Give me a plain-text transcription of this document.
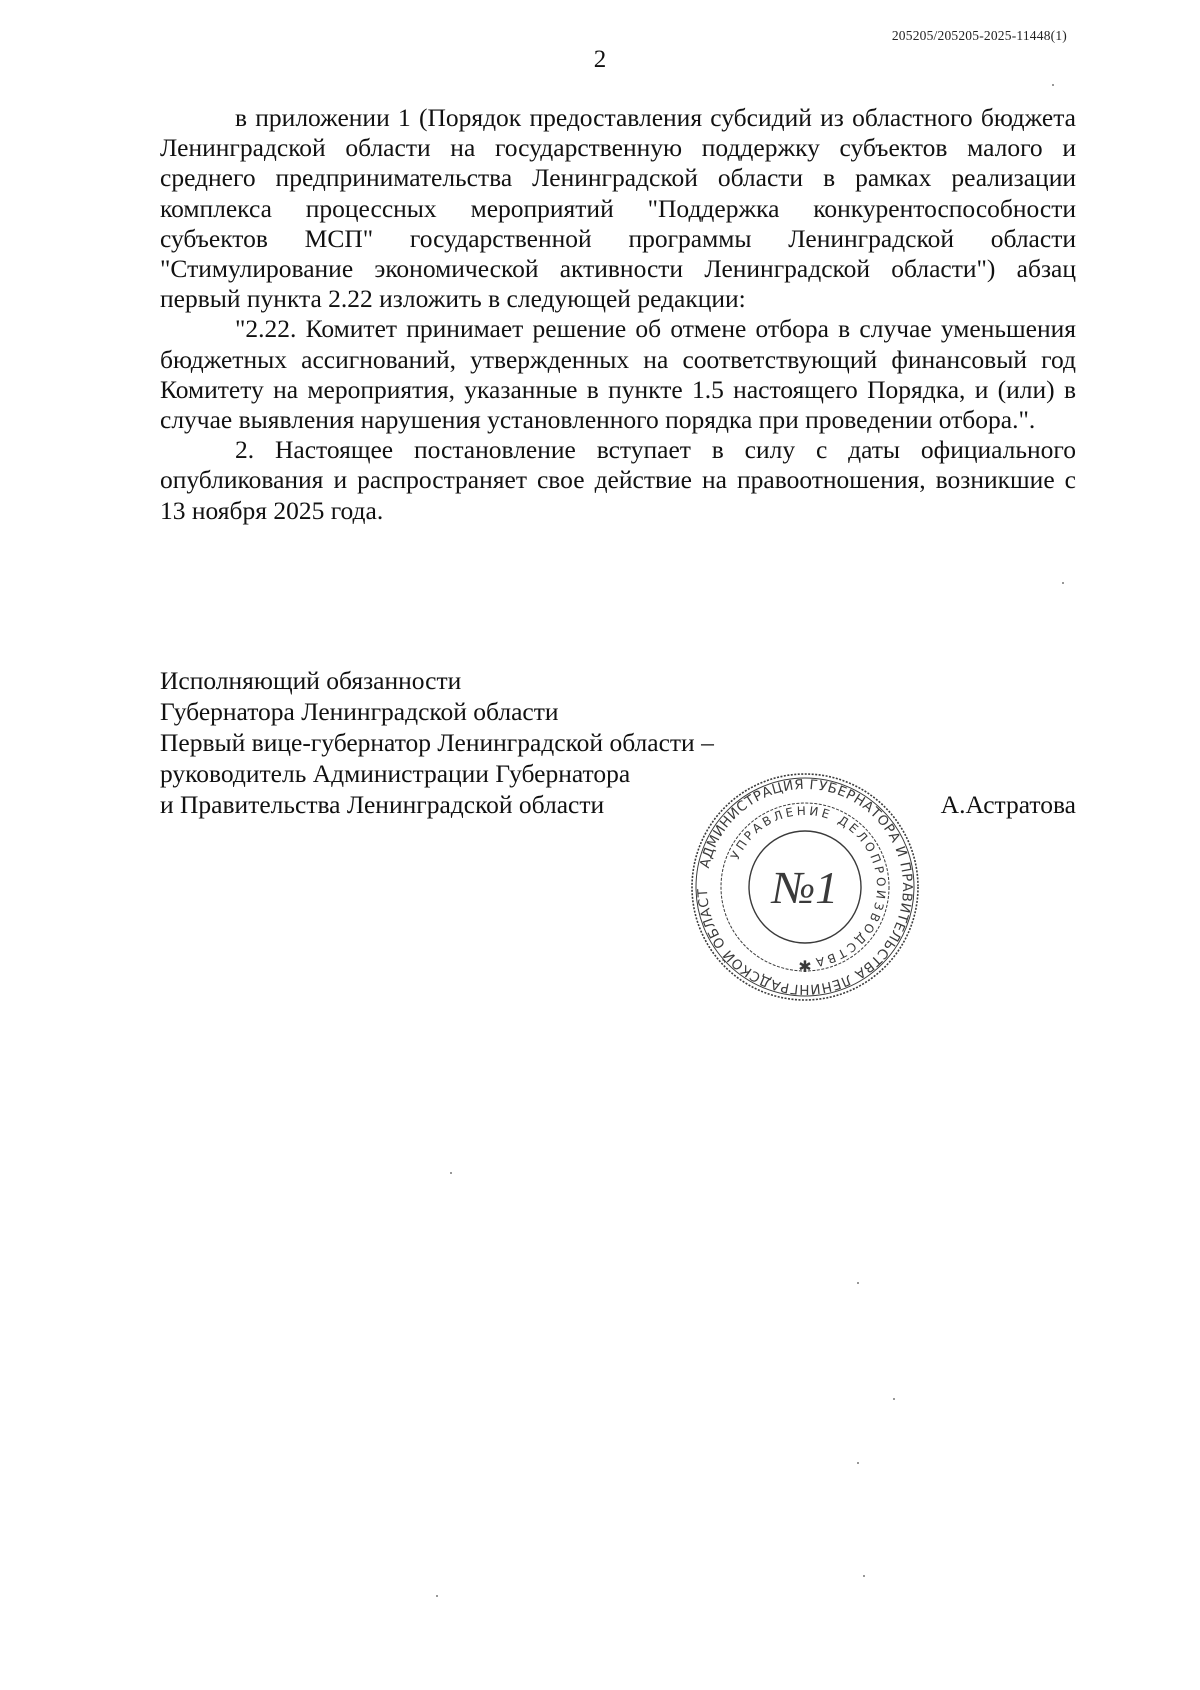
205205/205205-2025-11448(1)
2

в приложении 1 (Порядок предоставления субсидий из областного бюджета Ленинградской области на государственную поддержку субъектов малого и среднего предпринимательства Ленинградской области в рамках реализации комплекса процессных мероприятий "Поддержка конкурентоспособности субъектов МСП" государственной программы Ленинградской области "Стимулирование экономической активности Ленинградской области") абзац первый пункта 2.22 изложить в следующей редакции:

"2.22. Комитет принимает решение об отмене отбора в случае уменьшения бюджетных ассигнований, утвержденных на соответствующий финансовый год Комитету на мероприятия, указанные в пункте 1.5 настоящего Порядка, и (или) в случае выявления нарушения установленного порядка при проведении отбора.".

2. Настоящее постановление вступает в силу с даты официального опубликования и распространяет свое действие на правоотношения, возникшие с 13 ноября 2025 года.

Исполняющий обязанности
Губернатора Ленинградской области
Первый вице-губернатор Ленинградской области –
руководитель Администрации Губернатора
и Правительства Ленинградской области	А.Астратова
АДМИНИСТРАЦИЯ ГУБЕРНАТОРА И ПРАВИТЕЛЬСТВА ЛЕНИНГРАДСКОЙ ОБЛАСТ
УПРАВЛЕНИЕ ДЕЛОПРОИЗВОДСТВА
№1
✱
